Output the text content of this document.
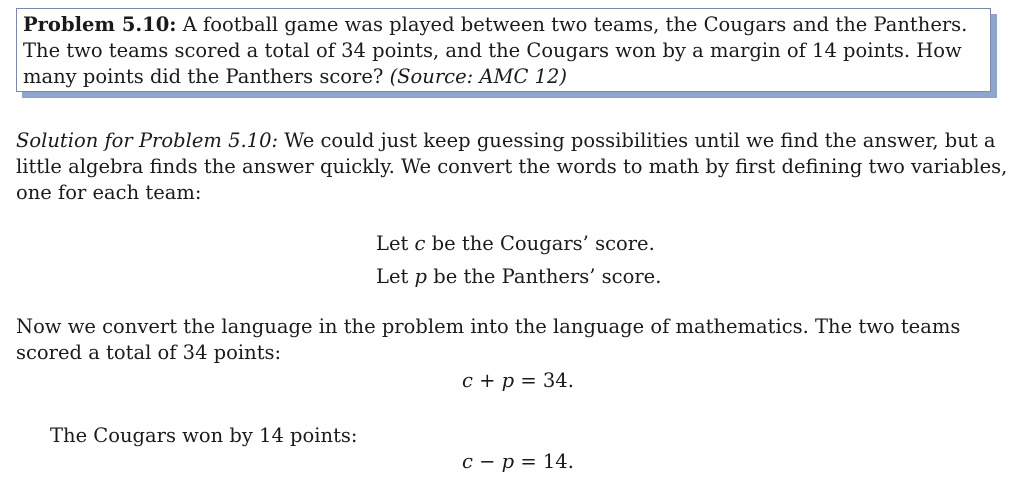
Problem 5.10: A football game was played between two teams, the Cougars and the Panthers. The two teams scored a total of 34 points, and the Cougars won by a margin of 14 points. How many points did the Panthers score? (Source: AMC 12)
Solution for Problem 5.10: We could just keep guessing possibilities until we find the answer, but a little algebra finds the answer quickly. We convert the words to math by first defining two variables, one for each team:
Let c be the Cougars’ score.
Let p be the Panthers’ score.
Now we convert the language in the problem into the language of mathematics. The two teams scored a total of 34 points:
c + p = 34.
The Cougars won by 14 points:
c − p = 14.
